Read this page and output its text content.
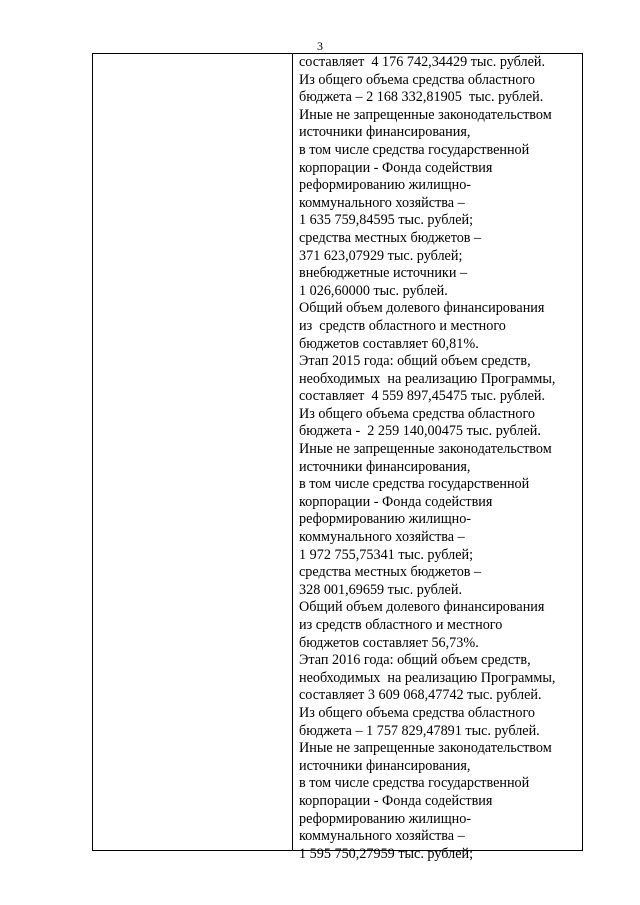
3
составляет  4 176 742,34429 тыс. рублей.
Из общего объема средства областного
бюджета – 2 168 332,81905  тыс. рублей.
Иные не запрещенные законодательством
источники финансирования,
в том числе средства государственной
корпорации - Фонда содействия
реформированию жилищно-
коммунального хозяйства –
1 635 759,84595 тыс. рублей;
средства местных бюджетов –
371 623,07929 тыс. рублей;
внебюджетные источники –
1 026,60000 тыс. рублей.
Общий объем долевого финансирования
из  средств областного и местного
бюджетов составляет 60,81%.
Этап 2015 года: общий объем средств,
необходимых  на реализацию Программы,
составляет  4 559 897,45475 тыс. рублей.
Из общего объема средства областного
бюджета -  2 259 140,00475 тыс. рублей.
Иные не запрещенные законодательством
источники финансирования,
в том числе средства государственной
корпорации - Фонда содействия
реформированию жилищно-
коммунального хозяйства –
1 972 755,75341 тыс. рублей;
средства местных бюджетов –
328 001,69659 тыс. рублей.
Общий объем долевого финансирования
из средств областного и местного
бюджетов составляет 56,73%.
Этап 2016 года: общий объем средств,
необходимых  на реализацию Программы,
составляет 3 609 068,47742 тыс. рублей.
Из общего объема средства областного
бюджета – 1 757 829,47891 тыс. рублей.
Иные не запрещенные законодательством
источники финансирования,
в том числе средства государственной
корпорации - Фонда содействия
реформированию жилищно-
коммунального хозяйства –
1 595 750,27959 тыс. рублей;
